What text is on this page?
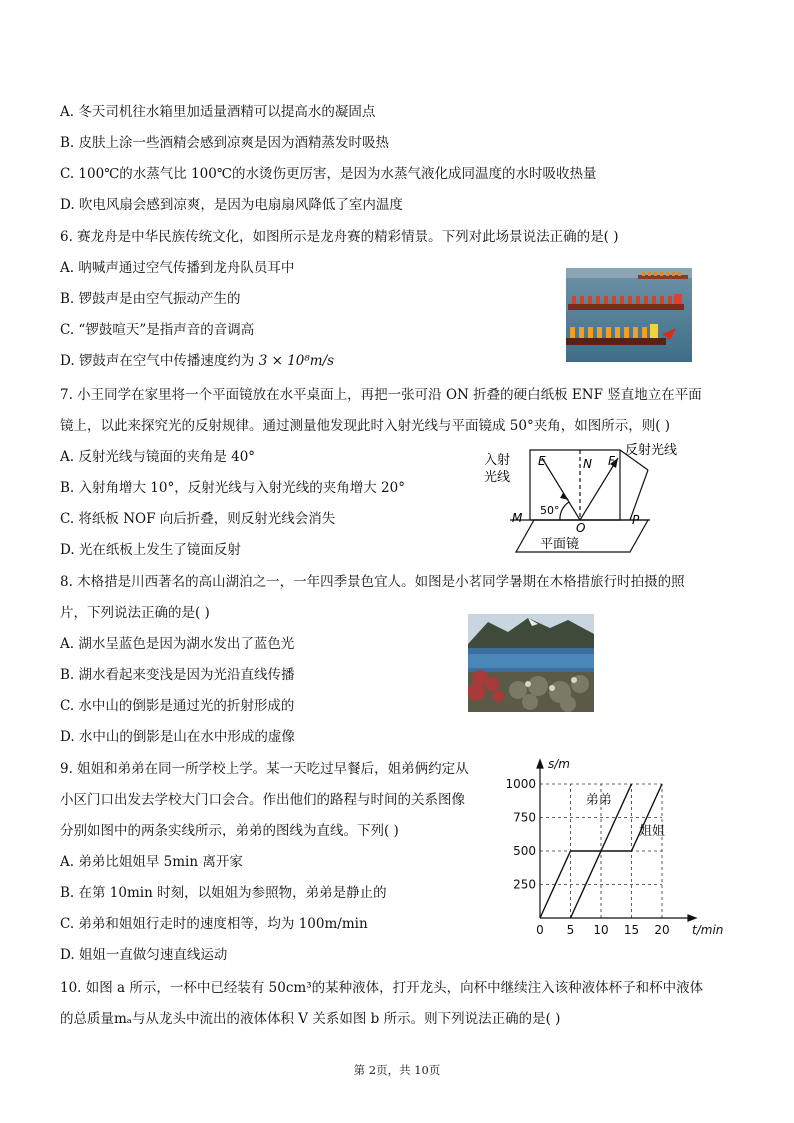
A. 冬天司机往水箱里加适量酒精可以提高水的凝固点
B. 皮肤上涂一些酒精会感到凉爽是因为酒精蒸发时吸热
C. 100℃的水蒸气比 100℃的水烫伤更厉害，是因为水蒸气液化成同温度的水时吸收热量
D. 吹电风扇会感到凉爽，是因为电扇扇风降低了室内温度
6. 赛龙舟是中华民族传统文化，如图所示是龙舟赛的精彩情景。下列对此场景说法正确的是( )
A. 呐喊声通过空气传播到龙舟队员耳中
B. 锣鼓声是由空气振动产生的
C. “锣鼓喧天”是指声音的音调高
D. 锣鼓声在空气中传播速度约为 3 × 10⁸m/s
7. 小王同学在家里将一个平面镜放在水平桌面上，再把一张可沿 ON 折叠的硬白纸板 ENF 竖直地立在平面
镜上，以此来探究光的反射规律。通过测量他发现此时入射光线与平面镜成 50°夹角，如图所示，则( )
A. 反射光线与镜面的夹角是 40°
B. 入射角增大 10°，反射光线与入射光线的夹角增大 20°
C. 将纸板 NOF 向后折叠，则反射光线会消失
D. 光在纸板上发生了镜面反射
入射
光线
反射光线
E	N F
M
O
P
50°
平面镜
8. 木格措是川西著名的高山湖泊之一，一年四季景色宜人。如图是小茗同学暑期在木格措旅行时拍摄的照
片，下列说法正确的是( )
A. 湖水呈蓝色是因为湖水发出了蓝色光
B. 湖水看起来变浅是因为光沿直线传播
C. 水中山的倒影是通过光的折射形成的
D. 水中山的倒影是山在水中形成的虚像
9. 姐姐和弟弟在同一所学校上学。某一天吃过早餐后，姐弟俩约定从
小区门口出发去学校大门口会合。作出他们的路程与时间的关系图像
分别如图中的两条实线所示，弟弟的图线为直线。下列( )
A. 弟弟比姐姐早 5min 离开家
B. 在第 10min 时刻，以姐姐为参照物，弟弟是静止的
C. 弟弟和姐姐行走时的速度相等，均为 100m/min
D. 姐姐一直做匀速直线运动
0 5 10 15 20
250
500
750
1000
t/min
s/m
弟弟
姐姐
10. 如图 a 所示，一杯中已经装有 50cm³的某种液体，打开龙头，向杯中继续注入该种液体杯子和杯中液体
的总质量mₐ与从龙头中流出的液体体积 V 关系如图 b 所示。则下列说法正确的是( )
第 2页，共 10页
